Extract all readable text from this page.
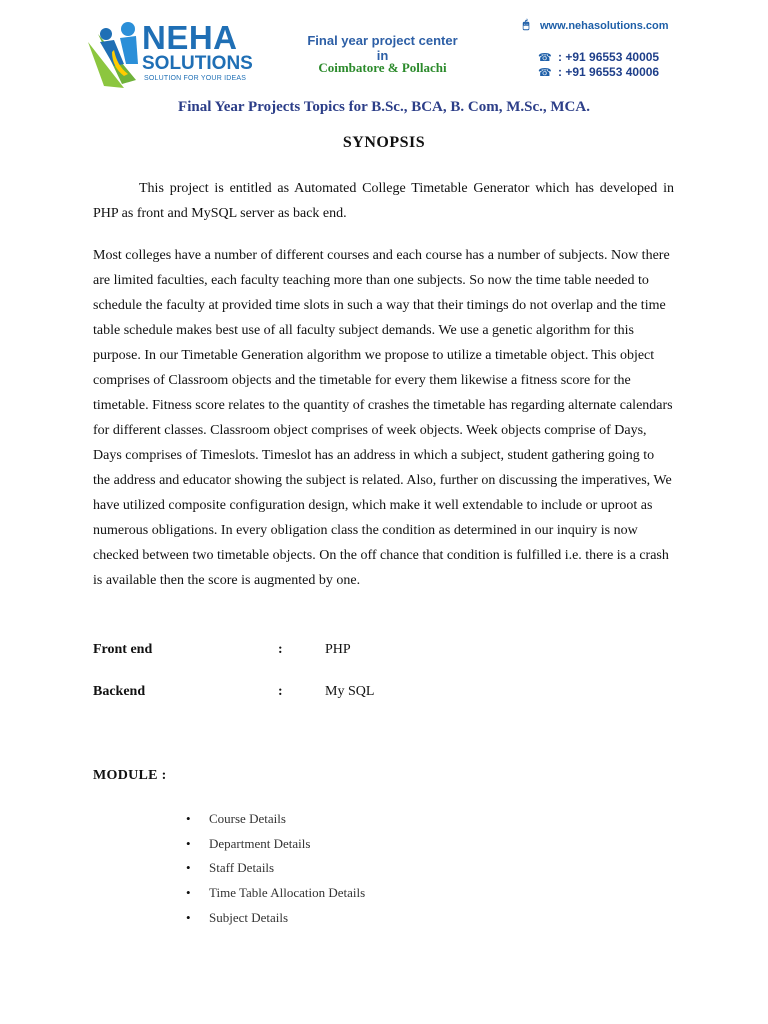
NEHA
SOLUTIONS
SOLUTION FOR YOUR IDEAS
Final year project center in
Coimbatore & Pollachi
🖱 www.nehasolutions.com
☎ : +91 96553 40005
☎ : +91 96553 40006
Final Year Projects Topics for B.Sc., BCA, B. Com, M.Sc., MCA.
SYNOPSIS
This project is entitled as Automated College Timetable Generator which has developed in PHP as front and MySQL server as back end.
Most colleges have a number of different courses and each course has a number of subjects. Now there are limited faculties, each faculty teaching more than one subjects. So now the time table needed to schedule the faculty at provided time slots in such a way that their timings do not overlap and the time table schedule makes best use of all faculty subject demands. We use a genetic algorithm for this purpose. In our Timetable Generation algorithm we propose to utilize a timetable object. This object comprises of Classroom objects and the timetable for every them likewise a fitness score for the timetable. Fitness score relates to the quantity of crashes the timetable has regarding alternate calendars for different classes. Classroom object comprises of week objects. Week objects comprise of Days, Days comprises of Timeslots. Timeslot has an address in which a subject, student gathering going to the address and educator showing the subject is related. Also, further on discussing the imperatives, We have utilized composite configuration design, which make it well extendable to include or uproot as numerous obligations. In every obligation class the condition as determined in our inquiry is now checked between two timetable objects. On the off chance that condition is fulfilled i.e. there is a crash is available then the score is augmented by one.
Front end	:	PHP
Backend	:	My SQL
MODULE :
•	Course Details
•	Department Details
•	Staff Details
•	Time Table Allocation Details
•	Subject Details
